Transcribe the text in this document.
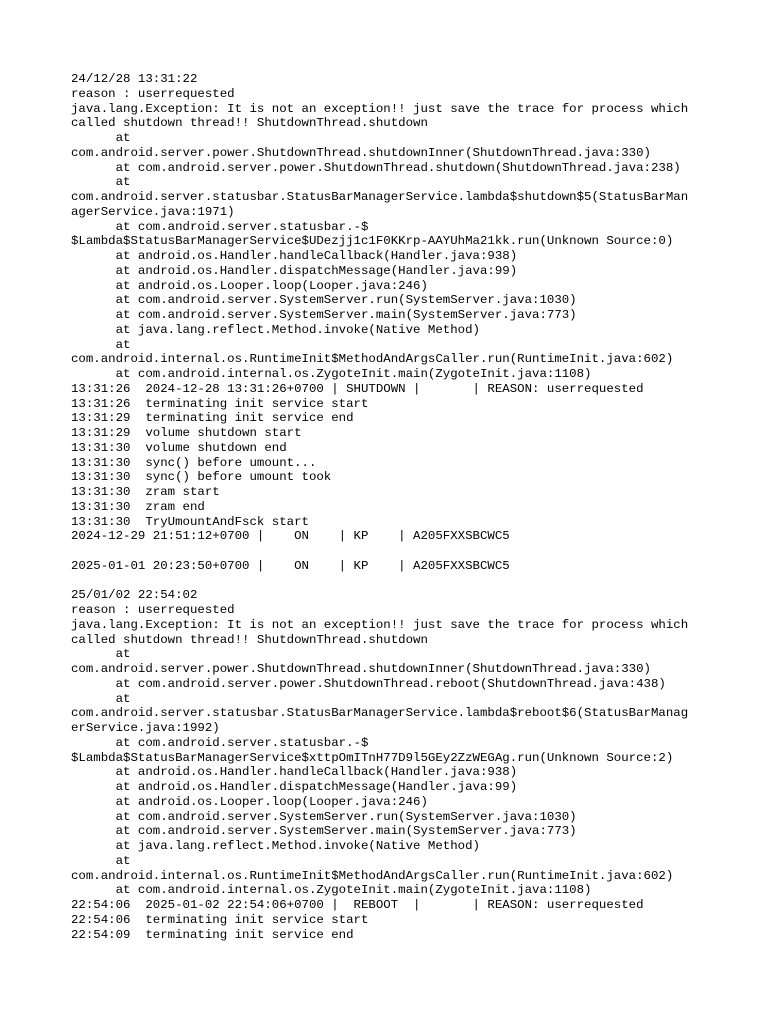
24/12/28 13:31:22
reason : userrequested
java.lang.Exception: It is not an exception!! just save the trace for process which
called shutdown thread!! ShutdownThread.shutdown
at
com.android.server.power.ShutdownThread.shutdownInner(ShutdownThread.java:330)
at com.android.server.power.ShutdownThread.shutdown(ShutdownThread.java:238)
at
com.android.server.statusbar.StatusBarManagerService.lambda$shutdown$5(StatusBarMan
agerService.java:1971)
at com.android.server.statusbar.-$
$Lambda$StatusBarManagerService$UDezjj1c1F0KKrp-AAYUhMa21kk.run(Unknown Source:0)
at android.os.Handler.handleCallback(Handler.java:938)
at android.os.Handler.dispatchMessage(Handler.java:99)
at android.os.Looper.loop(Looper.java:246)
at com.android.server.SystemServer.run(SystemServer.java:1030)
at com.android.server.SystemServer.main(SystemServer.java:773)
at java.lang.reflect.Method.invoke(Native Method)
at
com.android.internal.os.RuntimeInit$MethodAndArgsCaller.run(RuntimeInit.java:602)
at com.android.internal.os.ZygoteInit.main(ZygoteInit.java:1108)
13:31:26  2024-12-28 13:31:26+0700 | SHUTDOWN |       | REASON: userrequested
13:31:26  terminating init service start
13:31:29  terminating init service end
13:31:29  volume shutdown start
13:31:30  volume shutdown end
13:31:30  sync() before umount...
13:31:30  sync() before umount took
13:31:30  zram start
13:31:30  zram end
13:31:30  TryUmountAndFsck start
2024-12-29 21:51:12+0700 |    ON    | KP    | A205FXXSBCWC5
2025-01-01 20:23:50+0700 |    ON    | KP    | A205FXXSBCWC5
25/01/02 22:54:02
reason : userrequested
java.lang.Exception: It is not an exception!! just save the trace for process which
called shutdown thread!! ShutdownThread.shutdown
at
com.android.server.power.ShutdownThread.shutdownInner(ShutdownThread.java:330)
at com.android.server.power.ShutdownThread.reboot(ShutdownThread.java:438)
at
com.android.server.statusbar.StatusBarManagerService.lambda$reboot$6(StatusBarManag
erService.java:1992)
at com.android.server.statusbar.-$
$Lambda$StatusBarManagerService$xttpOmITnH77D9l5GEy2ZzWEGAg.run(Unknown Source:2)
at android.os.Handler.handleCallback(Handler.java:938)
at android.os.Handler.dispatchMessage(Handler.java:99)
at android.os.Looper.loop(Looper.java:246)
at com.android.server.SystemServer.run(SystemServer.java:1030)
at com.android.server.SystemServer.main(SystemServer.java:773)
at java.lang.reflect.Method.invoke(Native Method)
at
com.android.internal.os.RuntimeInit$MethodAndArgsCaller.run(RuntimeInit.java:602)
at com.android.internal.os.ZygoteInit.main(ZygoteInit.java:1108)
22:54:06  2025-01-02 22:54:06+0700 |  REBOOT  |       | REASON: userrequested
22:54:06  terminating init service start
22:54:09  terminating init service end
